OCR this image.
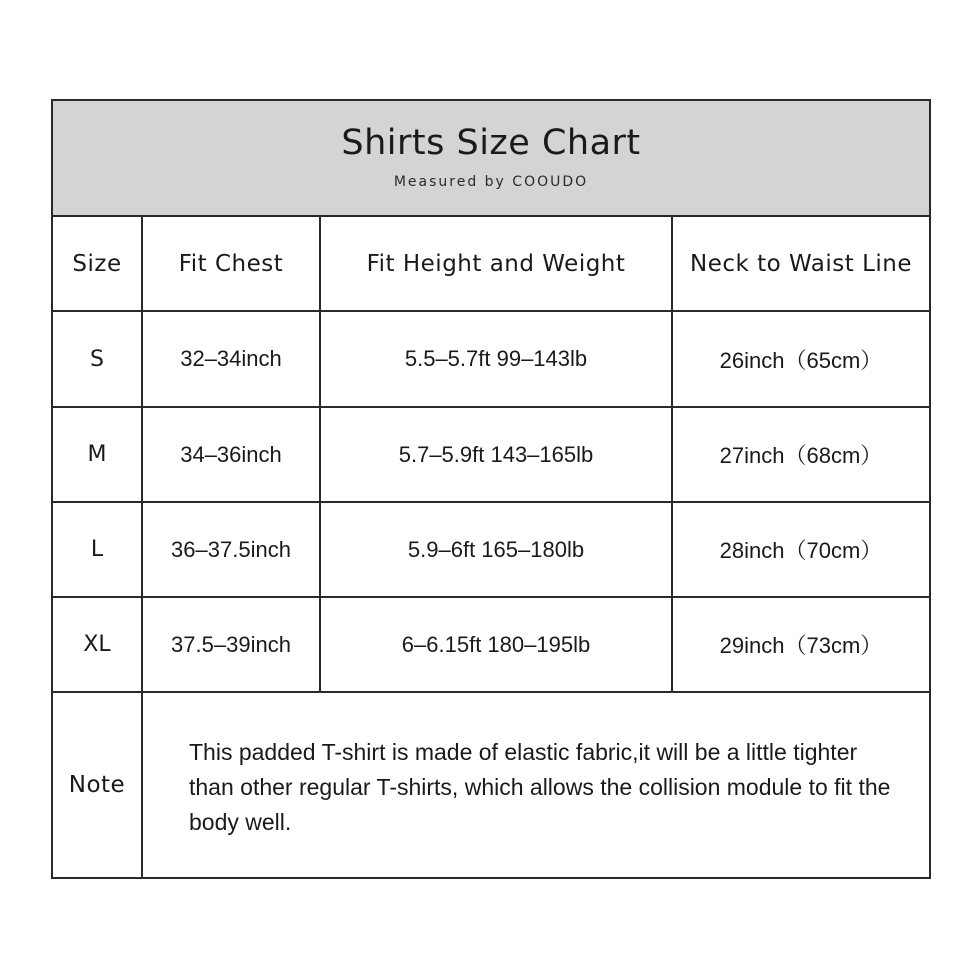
Shirts Size Chart
Measured by COOUDO
Size	Fit Chest	Fit Height and Weight	Neck to Waist Line
S	32–34inch	5.5–5.7ft 99–143lb	26inch（65cm）
M	34–36inch	5.7–5.9ft 143–165lb	27inch（68cm）
L	36–37.5inch	5.9–6ft 165–180lb	28inch（70cm）
XL	37.5–39inch	6–6.15ft 180–195lb	29inch（73cm）
Note
This padded T-shirt is made of elastic fabric,it will be a little tighter than other regular T-shirts, which allows the collision module to fit the body well.
